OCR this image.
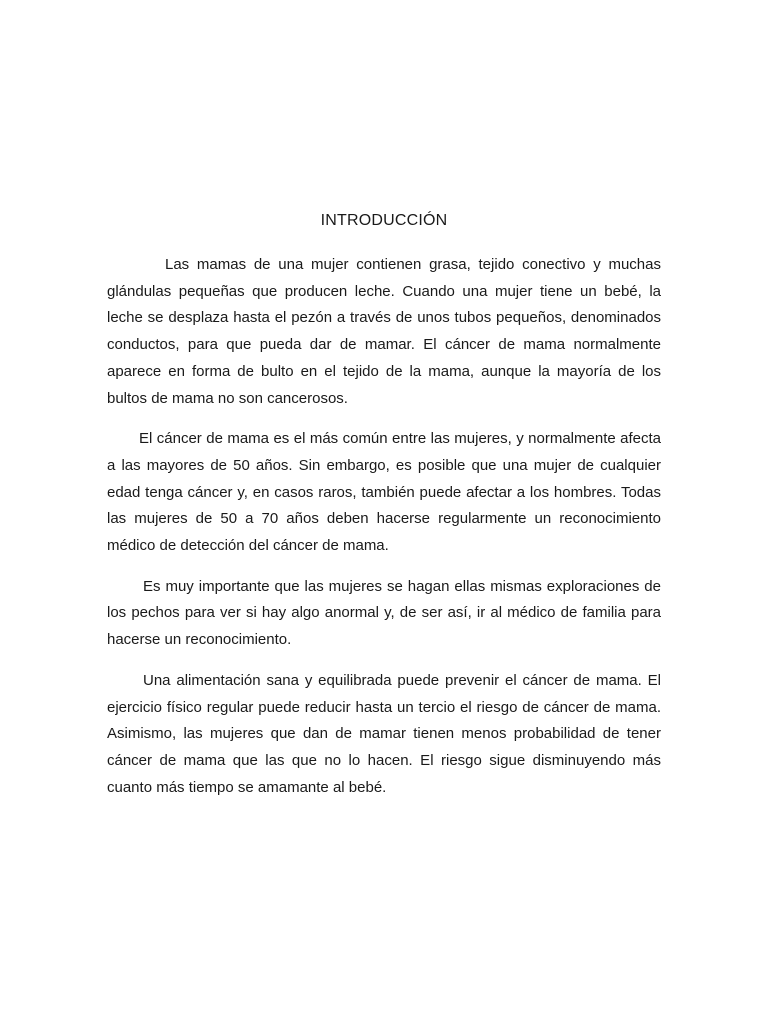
INTRODUCCIÓN

Las mamas de una mujer contienen grasa, tejido conectivo y muchas glándulas pequeñas que producen leche. Cuando una mujer tiene un bebé, la leche se desplaza hasta el pezón a través de unos tubos pequeños, denominados conductos, para que pueda dar de mamar. El cáncer de mama normalmente aparece en forma de bulto en el tejido de la mama, aunque la mayoría de los bultos de mama no son cancerosos.

El cáncer de mama es el más común entre las mujeres, y normalmente afecta a las mayores de 50 años. Sin embargo, es posible que una mujer de cualquier edad tenga cáncer y, en casos raros, también puede afectar a los hombres. Todas las mujeres de 50 a 70 años deben hacerse regularmente un reconocimiento médico de detección del cáncer de mama.

Es muy importante que las mujeres se hagan ellas mismas exploraciones de los pechos para ver si hay algo anormal y, de ser así, ir al médico de familia para hacerse un reconocimiento.

Una alimentación sana y equilibrada puede prevenir el cáncer de mama. El ejercicio físico regular puede reducir hasta un tercio el riesgo de cáncer de mama. Asimismo, las mujeres que dan de mamar tienen menos probabilidad de tener cáncer de mama que las que no lo hacen. El riesgo sigue disminuyendo más cuanto más tiempo se amamante al bebé.
